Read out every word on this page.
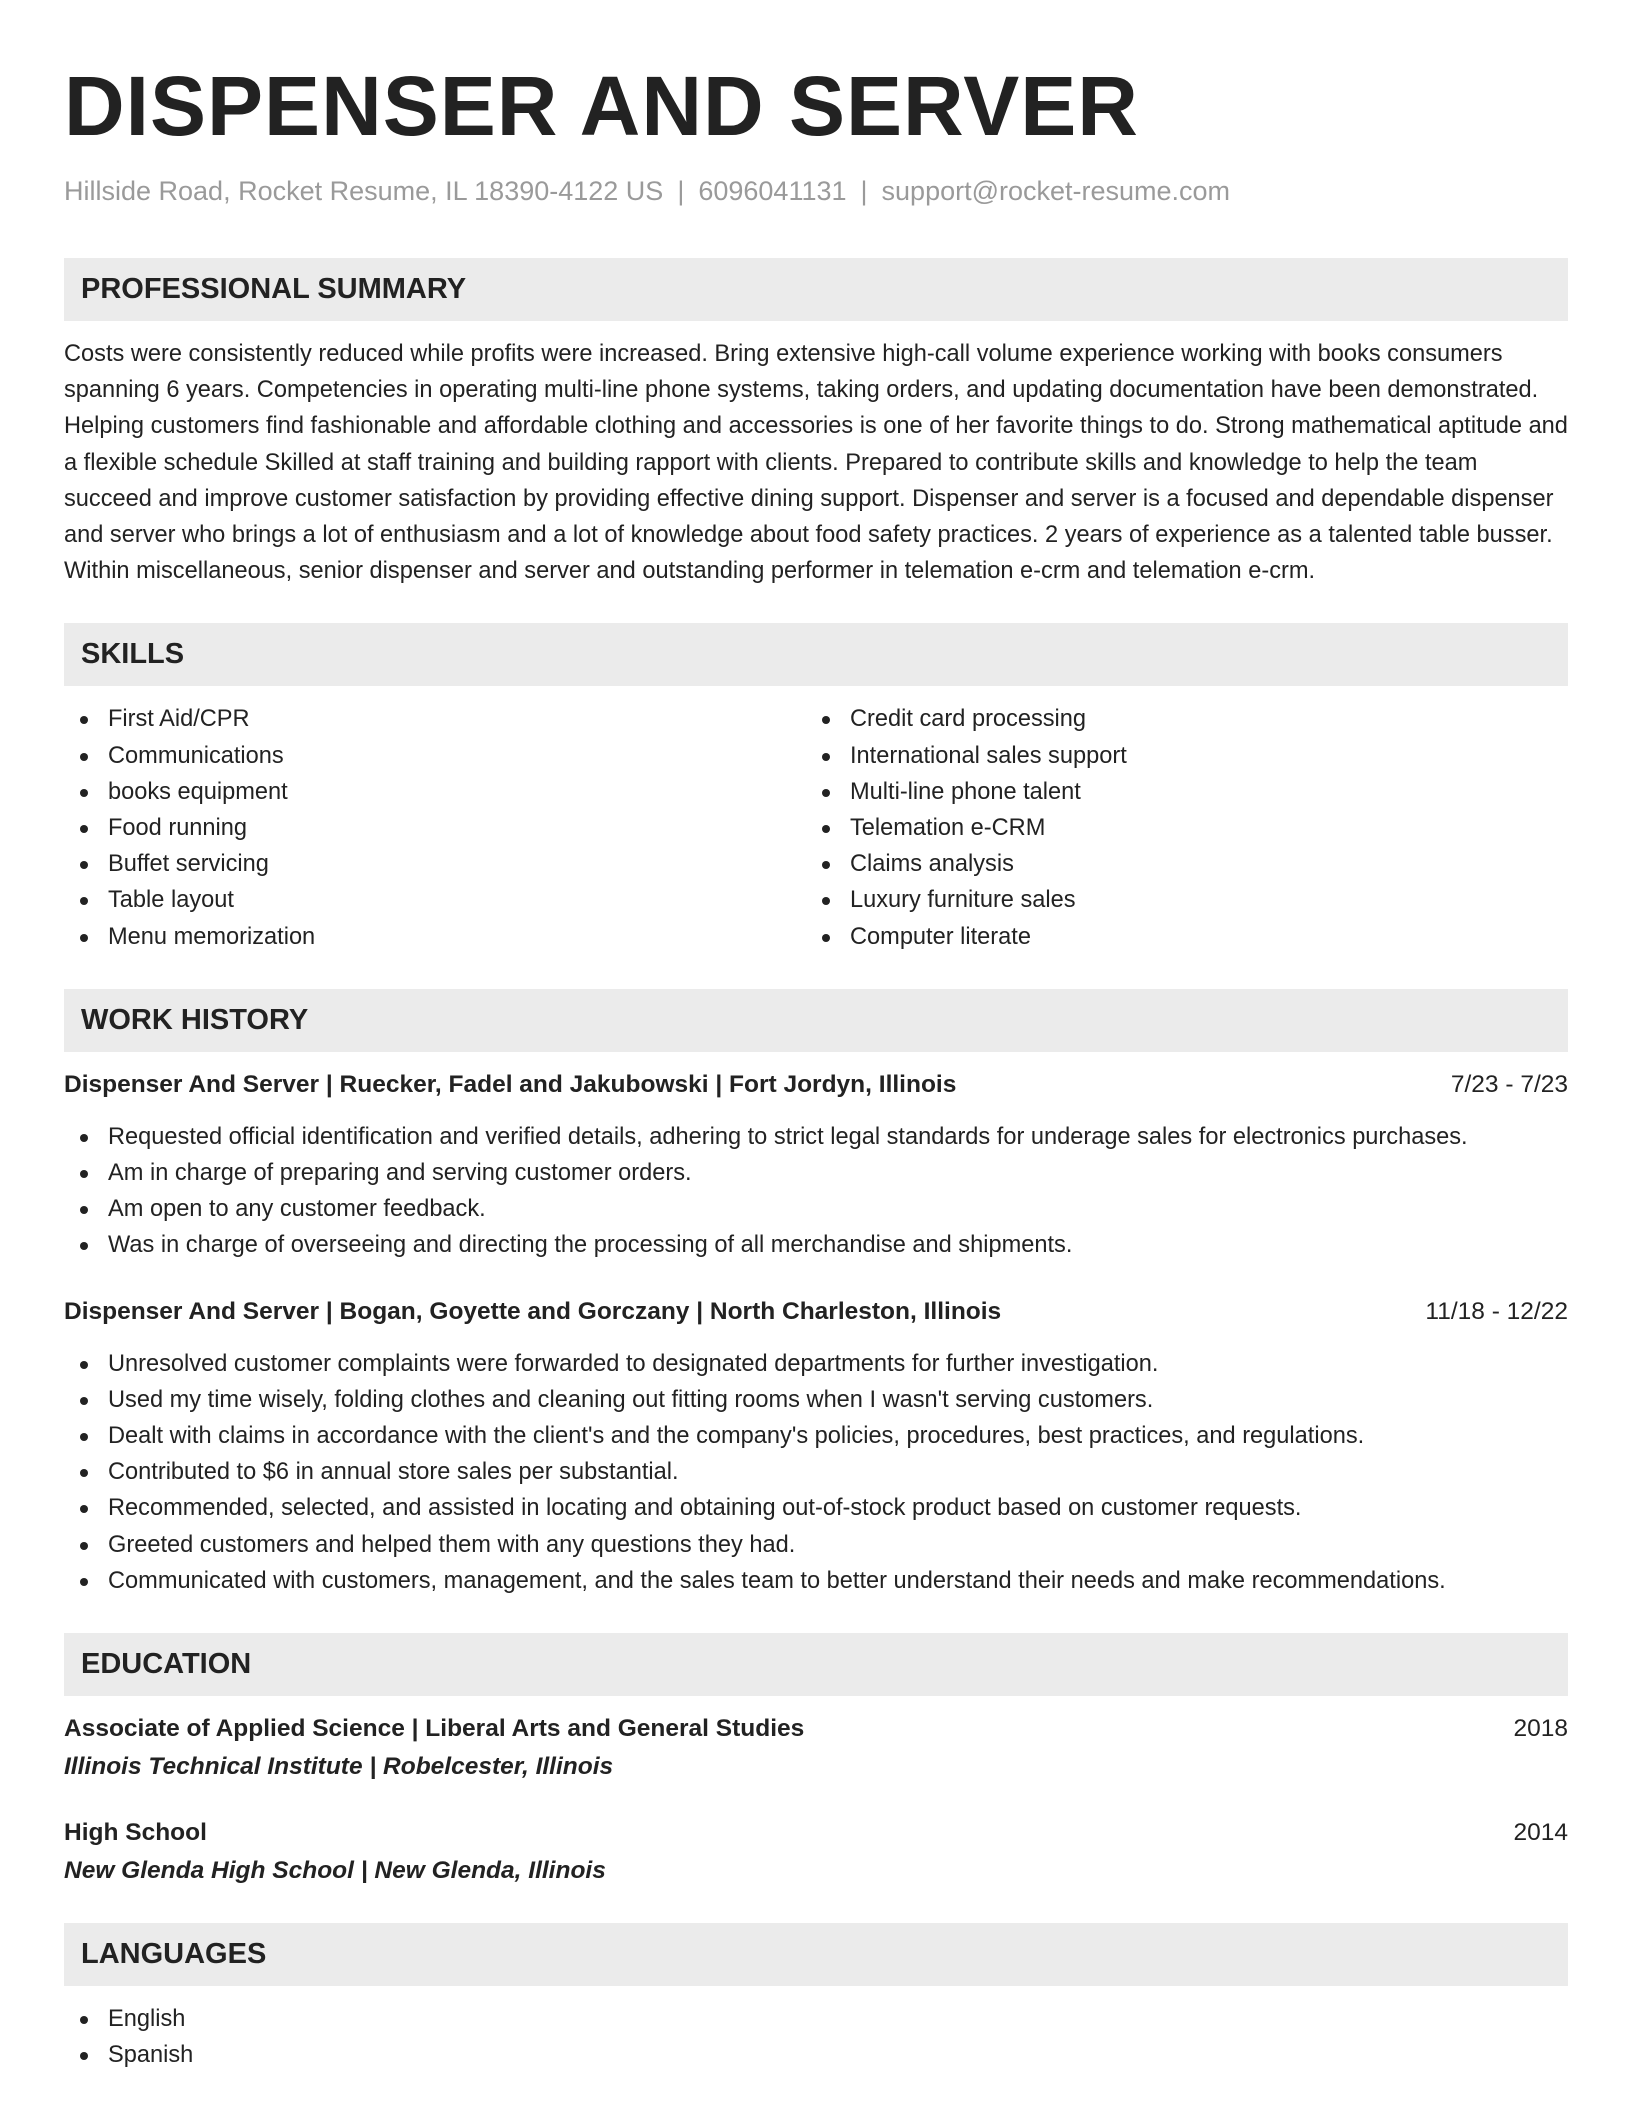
DISPENSER AND SERVER
Hillside Road, Rocket Resume, IL 18390-4122 US | 6096041131 | support@rocket-resume.com
PROFESSIONAL SUMMARY
Costs were consistently reduced while profits were increased. Bring extensive high-call volume experience working with books consumers spanning 6 years. Competencies in operating multi-line phone systems, taking orders, and updating documentation have been demonstrated. Helping customers find fashionable and affordable clothing and accessories is one of her favorite things to do. Strong mathematical aptitude and a flexible schedule Skilled at staff training and building rapport with clients. Prepared to contribute skills and knowledge to help the team succeed and improve customer satisfaction by providing effective dining support. Dispenser and server is a focused and dependable dispenser and server who brings a lot of enthusiasm and a lot of knowledge about food safety practices. 2 years of experience as a talented table busser. Within miscellaneous, senior dispenser and server and outstanding performer in telemation e-crm and telemation e-crm.
SKILLS
First Aid/CPR
Communications
books equipment
Food running
Buffet servicing
Table layout
Menu memorization
Credit card processing
International sales support
Multi-line phone talent
Telemation e-CRM
Claims analysis
Luxury furniture sales
Computer literate
WORK HISTORY
Dispenser And Server | Ruecker, Fadel and Jakubowski | Fort Jordyn, Illinois	7/23 - 7/23
Requested official identification and verified details, adhering to strict legal standards for underage sales for electronics purchases.
Am in charge of preparing and serving customer orders.
Am open to any customer feedback.
Was in charge of overseeing and directing the processing of all merchandise and shipments.
Dispenser And Server | Bogan, Goyette and Gorczany | North Charleston, Illinois	11/18 - 12/22
Unresolved customer complaints were forwarded to designated departments for further investigation.
Used my time wisely, folding clothes and cleaning out fitting rooms when I wasn't serving customers.
Dealt with claims in accordance with the client's and the company's policies, procedures, best practices, and regulations.
Contributed to $6 in annual store sales per substantial.
Recommended, selected, and assisted in locating and obtaining out-of-stock product based on customer requests.
Greeted customers and helped them with any questions they had.
Communicated with customers, management, and the sales team to better understand their needs and make recommendations.
EDUCATION
Associate of Applied Science | Liberal Arts and General Studies	2018
Illinois Technical Institute | Robelcester, Illinois
High School	2014
New Glenda High School | New Glenda, Illinois
LANGUAGES
English
Spanish
